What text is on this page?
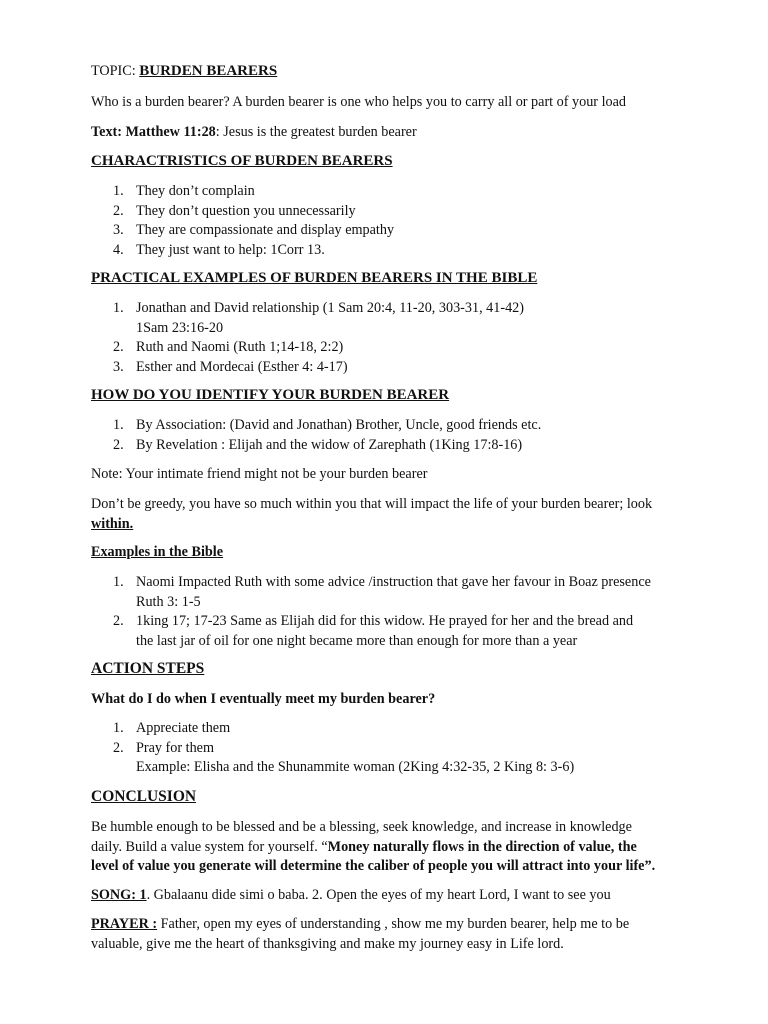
TOPIC: BURDEN BEARERS

Who is a burden bearer? A burden bearer is one who helps you to carry all or part of your load

Text: Matthew 11:28: Jesus is the greatest burden bearer

CHARACTRISTICS OF BURDEN BEARERS

1. They don’t complain
2. They don’t question you unnecessarily
3. They are compassionate and display empathy
4. They just want to help: 1Corr 13.

PRACTICAL EXAMPLES OF BURDEN BEARERS IN THE BIBLE

1. Jonathan and David relationship (1 Sam 20:4, 11-20, 303-31, 41-42)
1Sam 23:16-20
2. Ruth and Naomi (Ruth 1;14-18, 2:2)
3. Esther and Mordecai (Esther 4: 4-17)

HOW DO YOU IDENTIFY YOUR BURDEN BEARER

1. By Association: (David and Jonathan) Brother, Uncle, good friends etc.
2. By Revelation : Elijah and the widow of Zarephath (1King 17:8-16)

Note: Your intimate friend might not be your burden bearer

Don’t be greedy, you have so much within you that will impact the life of your burden bearer; look
within.

Examples in the Bible

1. Naomi Impacted Ruth with some advice /instruction that gave her favour in Boaz presence
Ruth 3: 1-5
2. 1king 17; 17-23 Same as Elijah did for this widow. He prayed for her and the bread and
the last jar of oil for one night became more than enough for more than a year

ACTION STEPS

What do I do when I eventually meet my burden bearer?

1. Appreciate them
2. Pray for them
Example: Elisha and the Shunammite woman (2King 4:32-35, 2 King 8: 3-6)

CONCLUSION

Be humble enough to be blessed and be a blessing, seek knowledge, and increase in knowledge
daily. Build a value system for yourself. “Money naturally flows in the direction of value, the
level of value you generate will determine the caliber of people you will attract into your life”.

SONG: 1. Gbalaanu dide simi o baba. 2. Open the eyes of my heart Lord, I want to see you

PRAYER : Father, open my eyes of understanding , show me my burden bearer, help me to be
valuable, give me the heart of thanksgiving and make my journey easy in Life lord.
